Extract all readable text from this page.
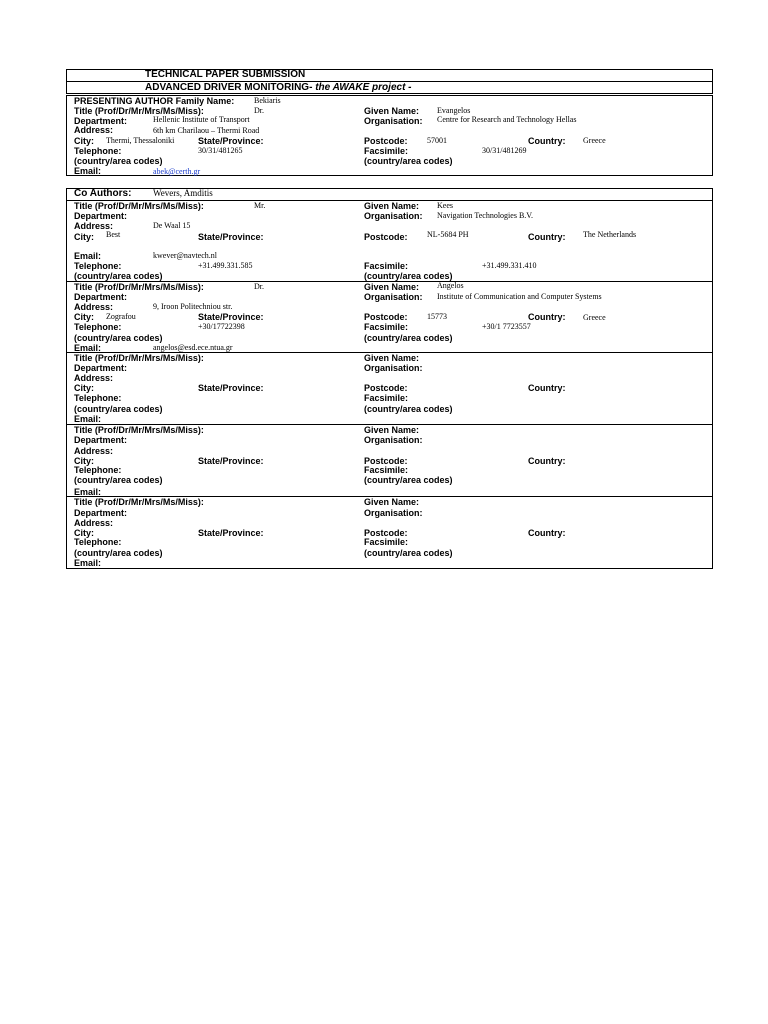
TECHNICAL PAPER SUBMISSION
ADVANCED DRIVER MONITORING- the AWAKE project -
PRESENTING AUTHOR Family Name: Bekiaris
Title (Prof/Dr/Mr/Mrs/Ms/Miss):	Dr.	Given Name: Evangelos
Department:	Hellenic Institute of Transport	Organisation: Centre for Research and Technology Hellas
Address:	6th km Charilaou – Thermi Road
City: Thermi, Thessaloniki	State/Province:	Postcode: 57001	Country: Greece
Telephone:	30/31/481265	Facsimile:	30/31/481269
(country/area codes)	(country/area codes)
Email:	abek@certh.gr
Co Authors: Wevers, Amditis
Title (Prof/Dr/Mr/Mrs/Ms/Miss):	Mr.	Given Name: Kees
Department:	Organisation: Navigation Technologies B.V.
Address:	De Waal 15
City: Best	State/Province:	Postcode: NL-5684 PH	Country: The Netherlands
Email:	kwever@navtech.nl
Telephone:	+31.499.331.585	Facsimile:	+31.499.331.410
(country/area codes)	(country/area codes)
Title (Prof/Dr/Mr/Mrs/Ms/Miss):	Dr.	Given Name: Angelos
Department:	Organisation: Institute of Communication and Computer Systems
Address:	9, Iroon Politechniou str.
City: Zografou	State/Province:	Postcode: 15773	Country: Greece
Telephone:	+30/17722398	Facsimile:	+30/1 7723557
(country/area codes)	(country/area codes)
Email:	angelos@esd.ece.ntua.gr
Title (Prof/Dr/Mr/Mrs/Ms/Miss):	Given Name:
Department:	Organisation:
Address:
City:	State/Province:	Postcode:	Country:
Telephone:	Facsimile:
(country/area codes)	(country/area codes)
Email:
Title (Prof/Dr/Mr/Mrs/Ms/Miss):	Given Name:
Department:	Organisation:
Address:
City:	State/Province:	Postcode:	Country:
Telephone:	Facsimile:
(country/area codes)	(country/area codes)
Email:
Title (Prof/Dr/Mr/Mrs/Ms/Miss):	Given Name:
Department:	Organisation:
Address:
City:	State/Province:	Postcode:	Country:
Telephone:	Facsimile:
(country/area codes)	(country/area codes)
Email:
